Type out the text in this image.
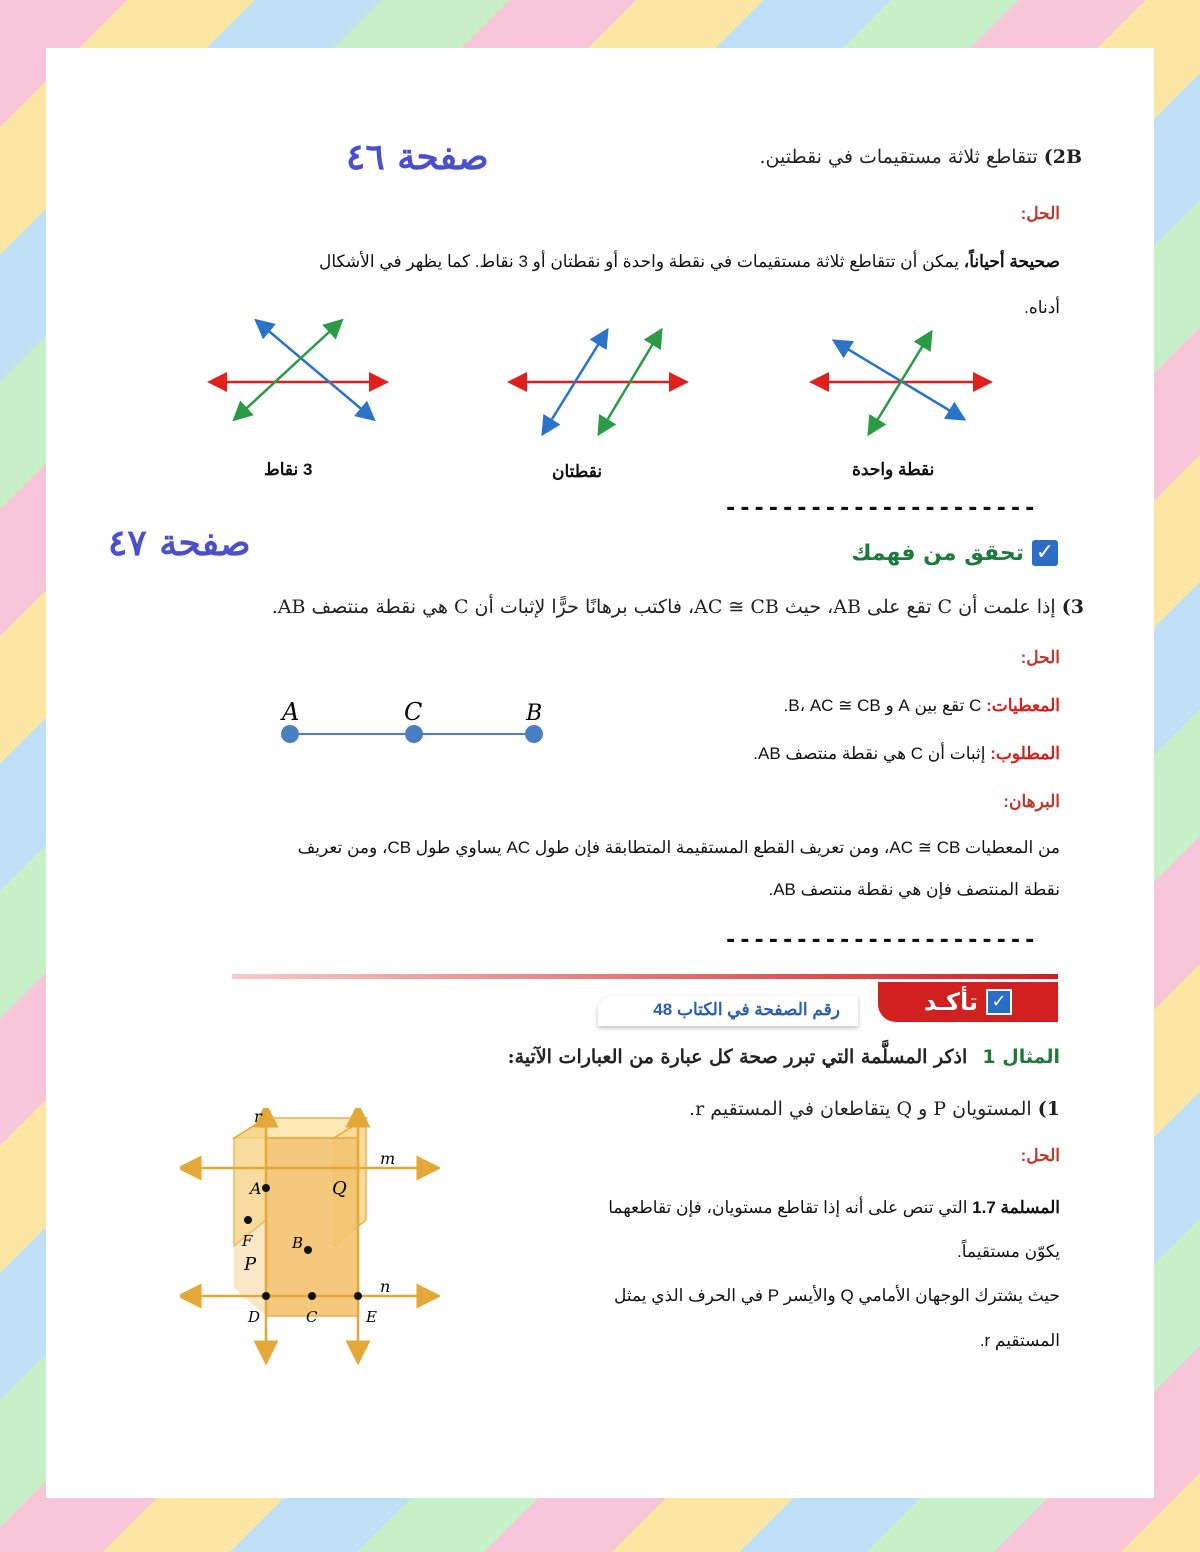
صفحة ٤٦	2B) تتقاطع ثلاثة مستقيمات في نقطتين.
الحل:
صحيحة أحياناً، يمكن أن تتقاطع ثلاثة مستقيمات في نقطة واحدة أو نقطتان أو 3 نقاط. كما يظهر في الأشكال
أدناه.
3 نقاط	نقطتان	نقطة واحدة
----------------------
صفحة ٤٧	✓
تحقق من فهمك
3) إذا علمت أن C تقع على AB، حيث AC ≅ CB، فاكتب برهانًا حرًّا لإثبات أن C هي نقطة منتصف AB.
الحل:
A	C	B	المعطيات: C تقع بين A و B، AC ≅ CB.
المطلوب: إثبات أن C هي نقطة منتصف AB.
البرهان:
من المعطيات AC ≅ CB، ومن تعريف القطع المستقيمة المتطابقة فإن طول AC يساوي طول CB، ومن تعريف
نقطة المنتصف فإن هي نقطة منتصف AB.
----------------------
✓
تأكـد
رقم الصفحة في الكتاب 48
المثال 1 اذكر المسلَّمة التي تبرر صحة كل عبارة من العبارات الآتية:
1) المستويان P و Q يتقاطعان في المستقيم r.
الحل:
المسلمة 1.7 التي تنص على أنه إذا تقاطع مستويان، فإن تقاطعهما
يكوّن مستقيماً.
حيث يشترك الوجهان الأمامي Q والأيسر P في الحرف الذي يمثل
المستقيم r.
r
m
n
A	Q
F	B
P
D	C	E
